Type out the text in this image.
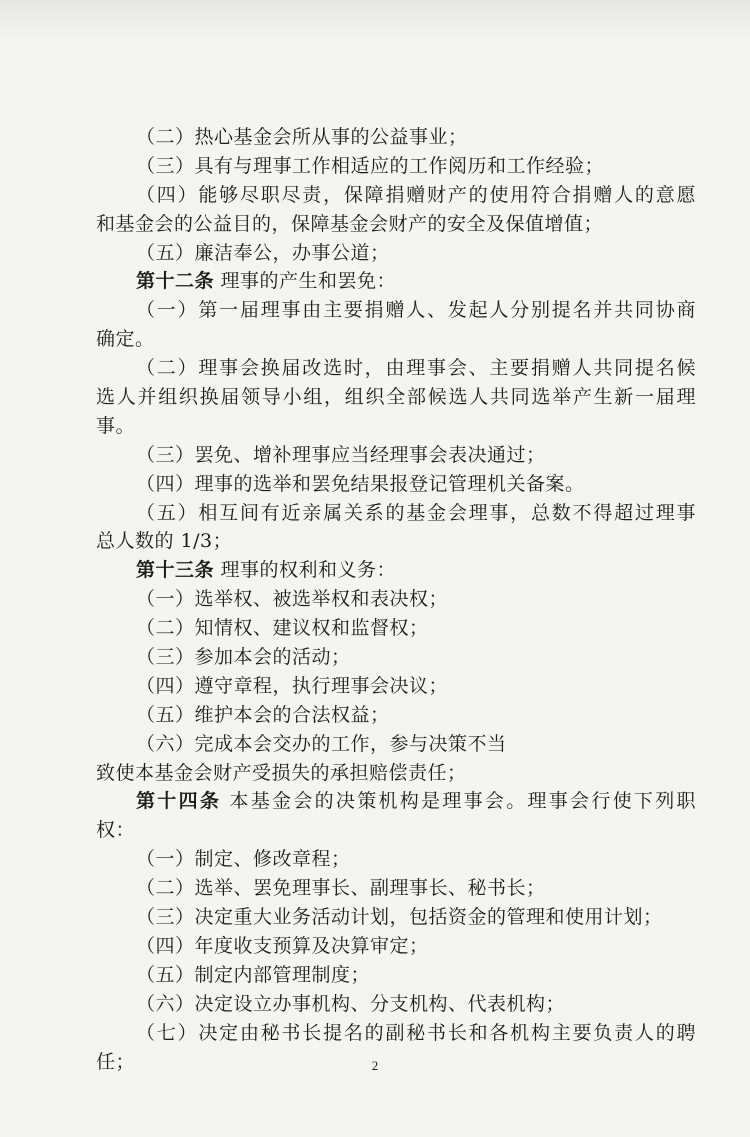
（二）热心基金会所从事的公益事业；
（三）具有与理事工作相适应的工作阅历和工作经验；
（四）能够尽职尽责，保障捐赠财产的使用符合捐赠人的意愿
和基金会的公益目的，保障基金会财产的安全及保值增值；
（五）廉洁奉公，办事公道；
第十二条 理事的产生和罢免：
（一）第一届理事由主要捐赠人、发起人分别提名并共同协商
确定。
（二）理事会换届改选时，由理事会、主要捐赠人共同提名候
选人并组织换届领导小组，组织全部候选人共同选举产生新一届理
事。
（三）罢免、增补理事应当经理事会表决通过；
（四）理事的选举和罢免结果报登记管理机关备案。
（五）相互间有近亲属关系的基金会理事，总数不得超过理事
总人数的 1/3；
第十三条 理事的权利和义务：
（一）选举权、被选举权和表决权；
（二）知情权、建议权和监督权；
（三）参加本会的活动；
（四）遵守章程，执行理事会决议；
（五）维护本会的合法权益；
（六）完成本会交办的工作，参与决策不当
致使本基金会财产受损失的承担赔偿责任；
第十四条 本基金会的决策机构是理事会。理事会行使下列职
权：
（一）制定、修改章程；
（二）选举、罢免理事长、副理事长、秘书长；
（三）决定重大业务活动计划，包括资金的管理和使用计划；
（四）年度收支预算及决算审定；
（五）制定内部管理制度；
（六）决定设立办事机构、分支机构、代表机构；
（七）决定由秘书长提名的副秘书长和各机构主要负责人的聘
任；	2
